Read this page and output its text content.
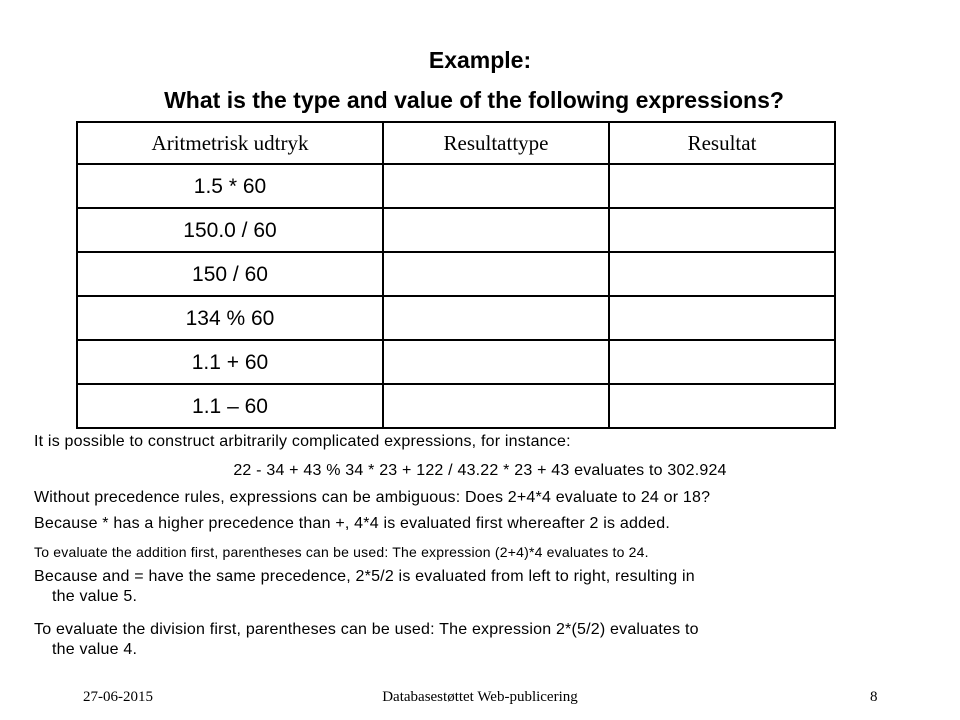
Example:
What is the type and value of the following expressions?
Aritmetrisk udtryk	Resultattype	Resultat
1.5 * 60		
150.0 / 60		
150 / 60		
134 % 60		
1.1 + 60		
1.1 – 60		
It is possible to construct arbitrarily complicated expressions, for instance:
22 - 34 + 43 % 34 * 23 + 122 / 43.22 * 23 + 43 evaluates to 302.924
Without precedence rules, expressions can be ambiguous: Does 2+4*4 evaluate to 24 or 18?
Because * has a higher precedence than +, 4*4 is evaluated first whereafter 2 is added.
To evaluate the addition first, parentheses can be used: The expression (2+4)*4 evaluates to 24.
Because and = have the same precedence, 2*5/2 is evaluated from left to right, resulting in
the value 5.
To evaluate the division first, parentheses can be used: The expression 2*(5/2) evaluates to
the value 4.
27-06-2015	Databasestøttet Web-publicering	8
